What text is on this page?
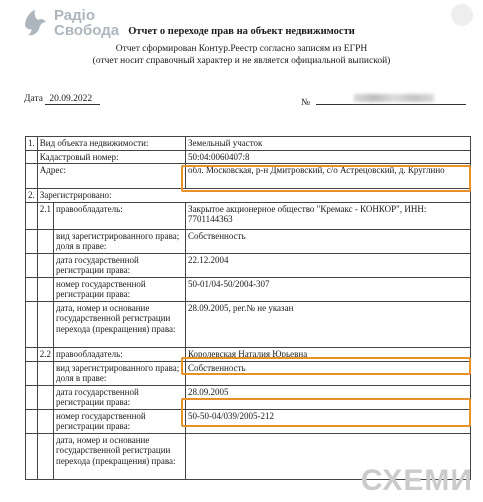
Радіо
Свобода Отчет о переходе прав на объект недвижимости
Отчет сформирован Контур.Реестр согласно записям из ЕГРН
(отчет носит справочный характер и не является официальной выпиской)
Дата 20.09.2022	№
1.	Вид объекта недвижимости:		Земельный участок
	Кадастровый номер:		50:04:0060407:8
	Адрес:		обл. Московская, р-н Дмитровский, с/о Астрецовский, д. Круглино
2.	Зарегистрировано:		
	2.1	правообладатель:	Закрытое акционерное общество "Кремакс - КОНКОР", ИНН: 7701144363
		вид зарегистрированного права; доля в праве:	Собственность
		дата государственной регистрации права:	22.12.2004
		номер государственной регистрации права:	50-01/04-50/2004-307
		дата, номер и основание государственной регистрации перехода (прекращения) права:	28.09.2005, рег.№ не указан
	2.2	правообладатель:	Королевская Наталия Юрьевна
		вид зарегистрированного права; доля в праве:	Собственность
		дата государственной регистрации права:	28.09.2005
		номер государственной регистрации права:	50-50-04/039/2005-212
		дата, номер и основание государственной регистрации перехода (прекращения) права:	
СХЕМИ
